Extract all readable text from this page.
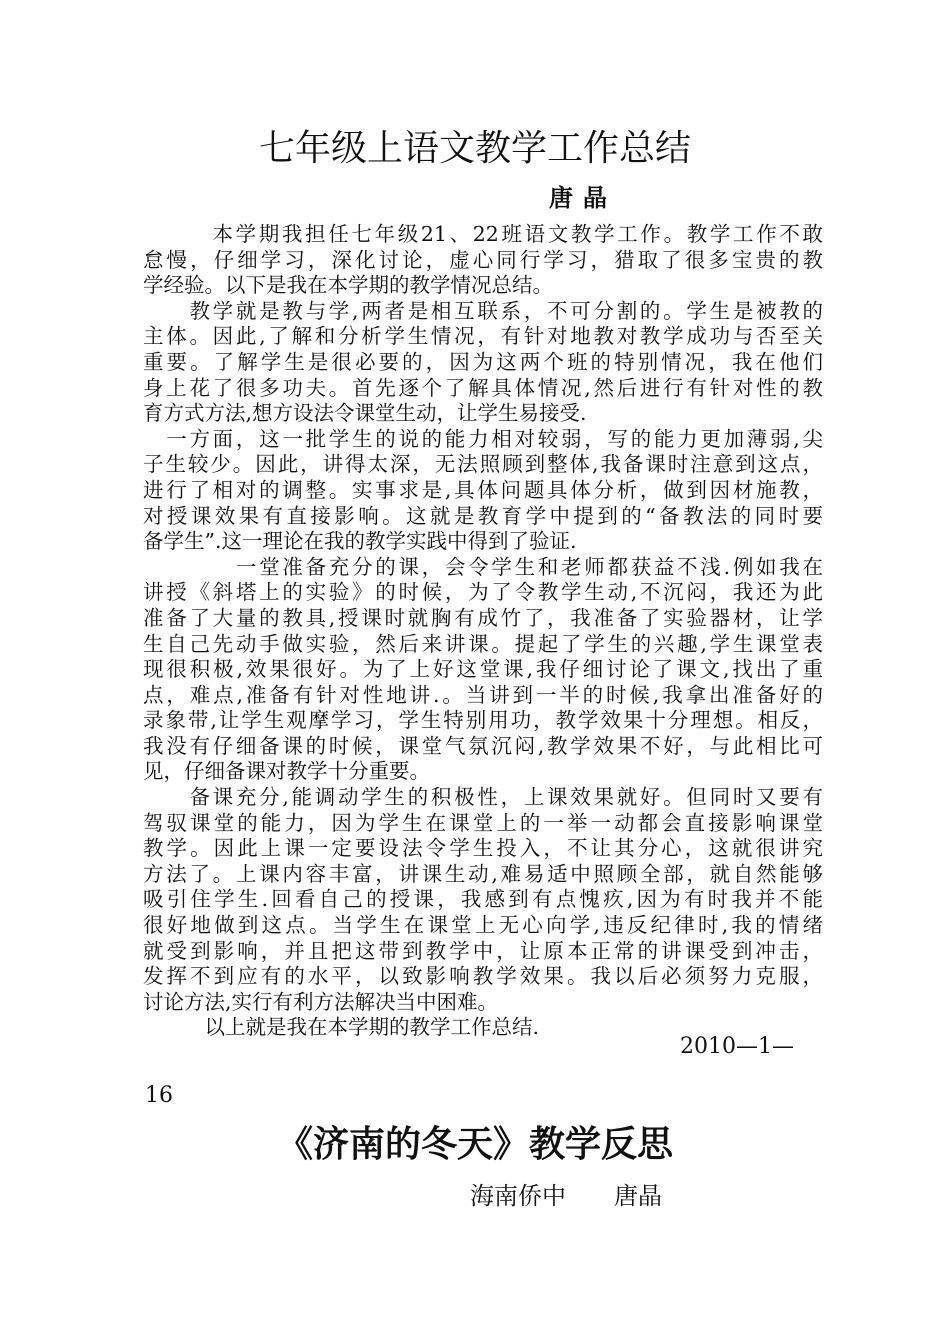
七年级上语文教学工作总结
唐晶
　　　本学期我担任七年级21、22班语文教学工作。教学工作不敢
怠慢，仔细学习，深化讨论，虚心同行学习，猎取了很多宝贵的教
学经验。以下是我在本学期的教学情况总结。
　　教学就是教与学,两者是相互联系，不可分割的。学生是被教的
主体。因此,了解和分析学生情况，有针对地教对教学成功与否至关
重要。了解学生是很必要的，因为这两个班的特别情况，我在他们
身上花了很多功夫。首先逐个了解具体情况,然后进行有针对性的教
育方式方法,想方设法令课堂生动，让学生易接受.
　一方面，这一批学生的说的能力相对较弱，写的能力更加薄弱,尖
子生较少。因此，讲得太深，无法照顾到整体,我备课时注意到这点，
进行了相对的调整。实事求是,具体问题具体分析，做到因材施教，
对授课效果有直接影响。这就是教育学中提到的“备教法的同时要
备学生”.这一理论在我的教学实践中得到了验证.
　　　　一堂准备充分的课，会令学生和老师都获益不浅.例如我在
讲授《斜塔上的实验》的时候，为了令教学生动,不沉闷，我还为此
准备了大量的教具,授课时就胸有成竹了，我准备了实验器材，让学
生自己先动手做实验，然后来讲课。提起了学生的兴趣,学生课堂表
现很积极,效果很好。为了上好这堂课,我仔细讨论了课文,找出了重
点，难点,准备有针对性地讲.。当讲到一半的时候,我拿出准备好的
录象带,让学生观摩学习，学生特别用功，教学效果十分理想。相反，
我没有仔细备课的时候，课堂气氛沉闷,教学效果不好，与此相比可
见，仔细备课对教学十分重要。
　　备课充分,能调动学生的积极性，上课效果就好。但同时又要有
驾驭课堂的能力，因为学生在课堂上的一举一动都会直接影响课堂
教学。因此上课一定要设法令学生投入，不让其分心，这就很讲究
方法了。上课内容丰富，讲课生动,难易适中照顾全部，就自然能够
吸引住学生.回看自己的授课，我感到有点愧疚,因为有时我并不能
很好地做到这点。当学生在课堂上无心向学,违反纪律时,我的情绪
就受到影响，并且把这带到教学中，让原本正常的讲课受到冲击，
发挥不到应有的水平，以致影响教学效果。我以后必须努力克服，
讨论方法,实行有利方法解决当中困难。
　　　以上就是我在本学期的教学工作总结.
2010—1—
16
《济南的冬天》教学反思
海南侨中　　唐晶
